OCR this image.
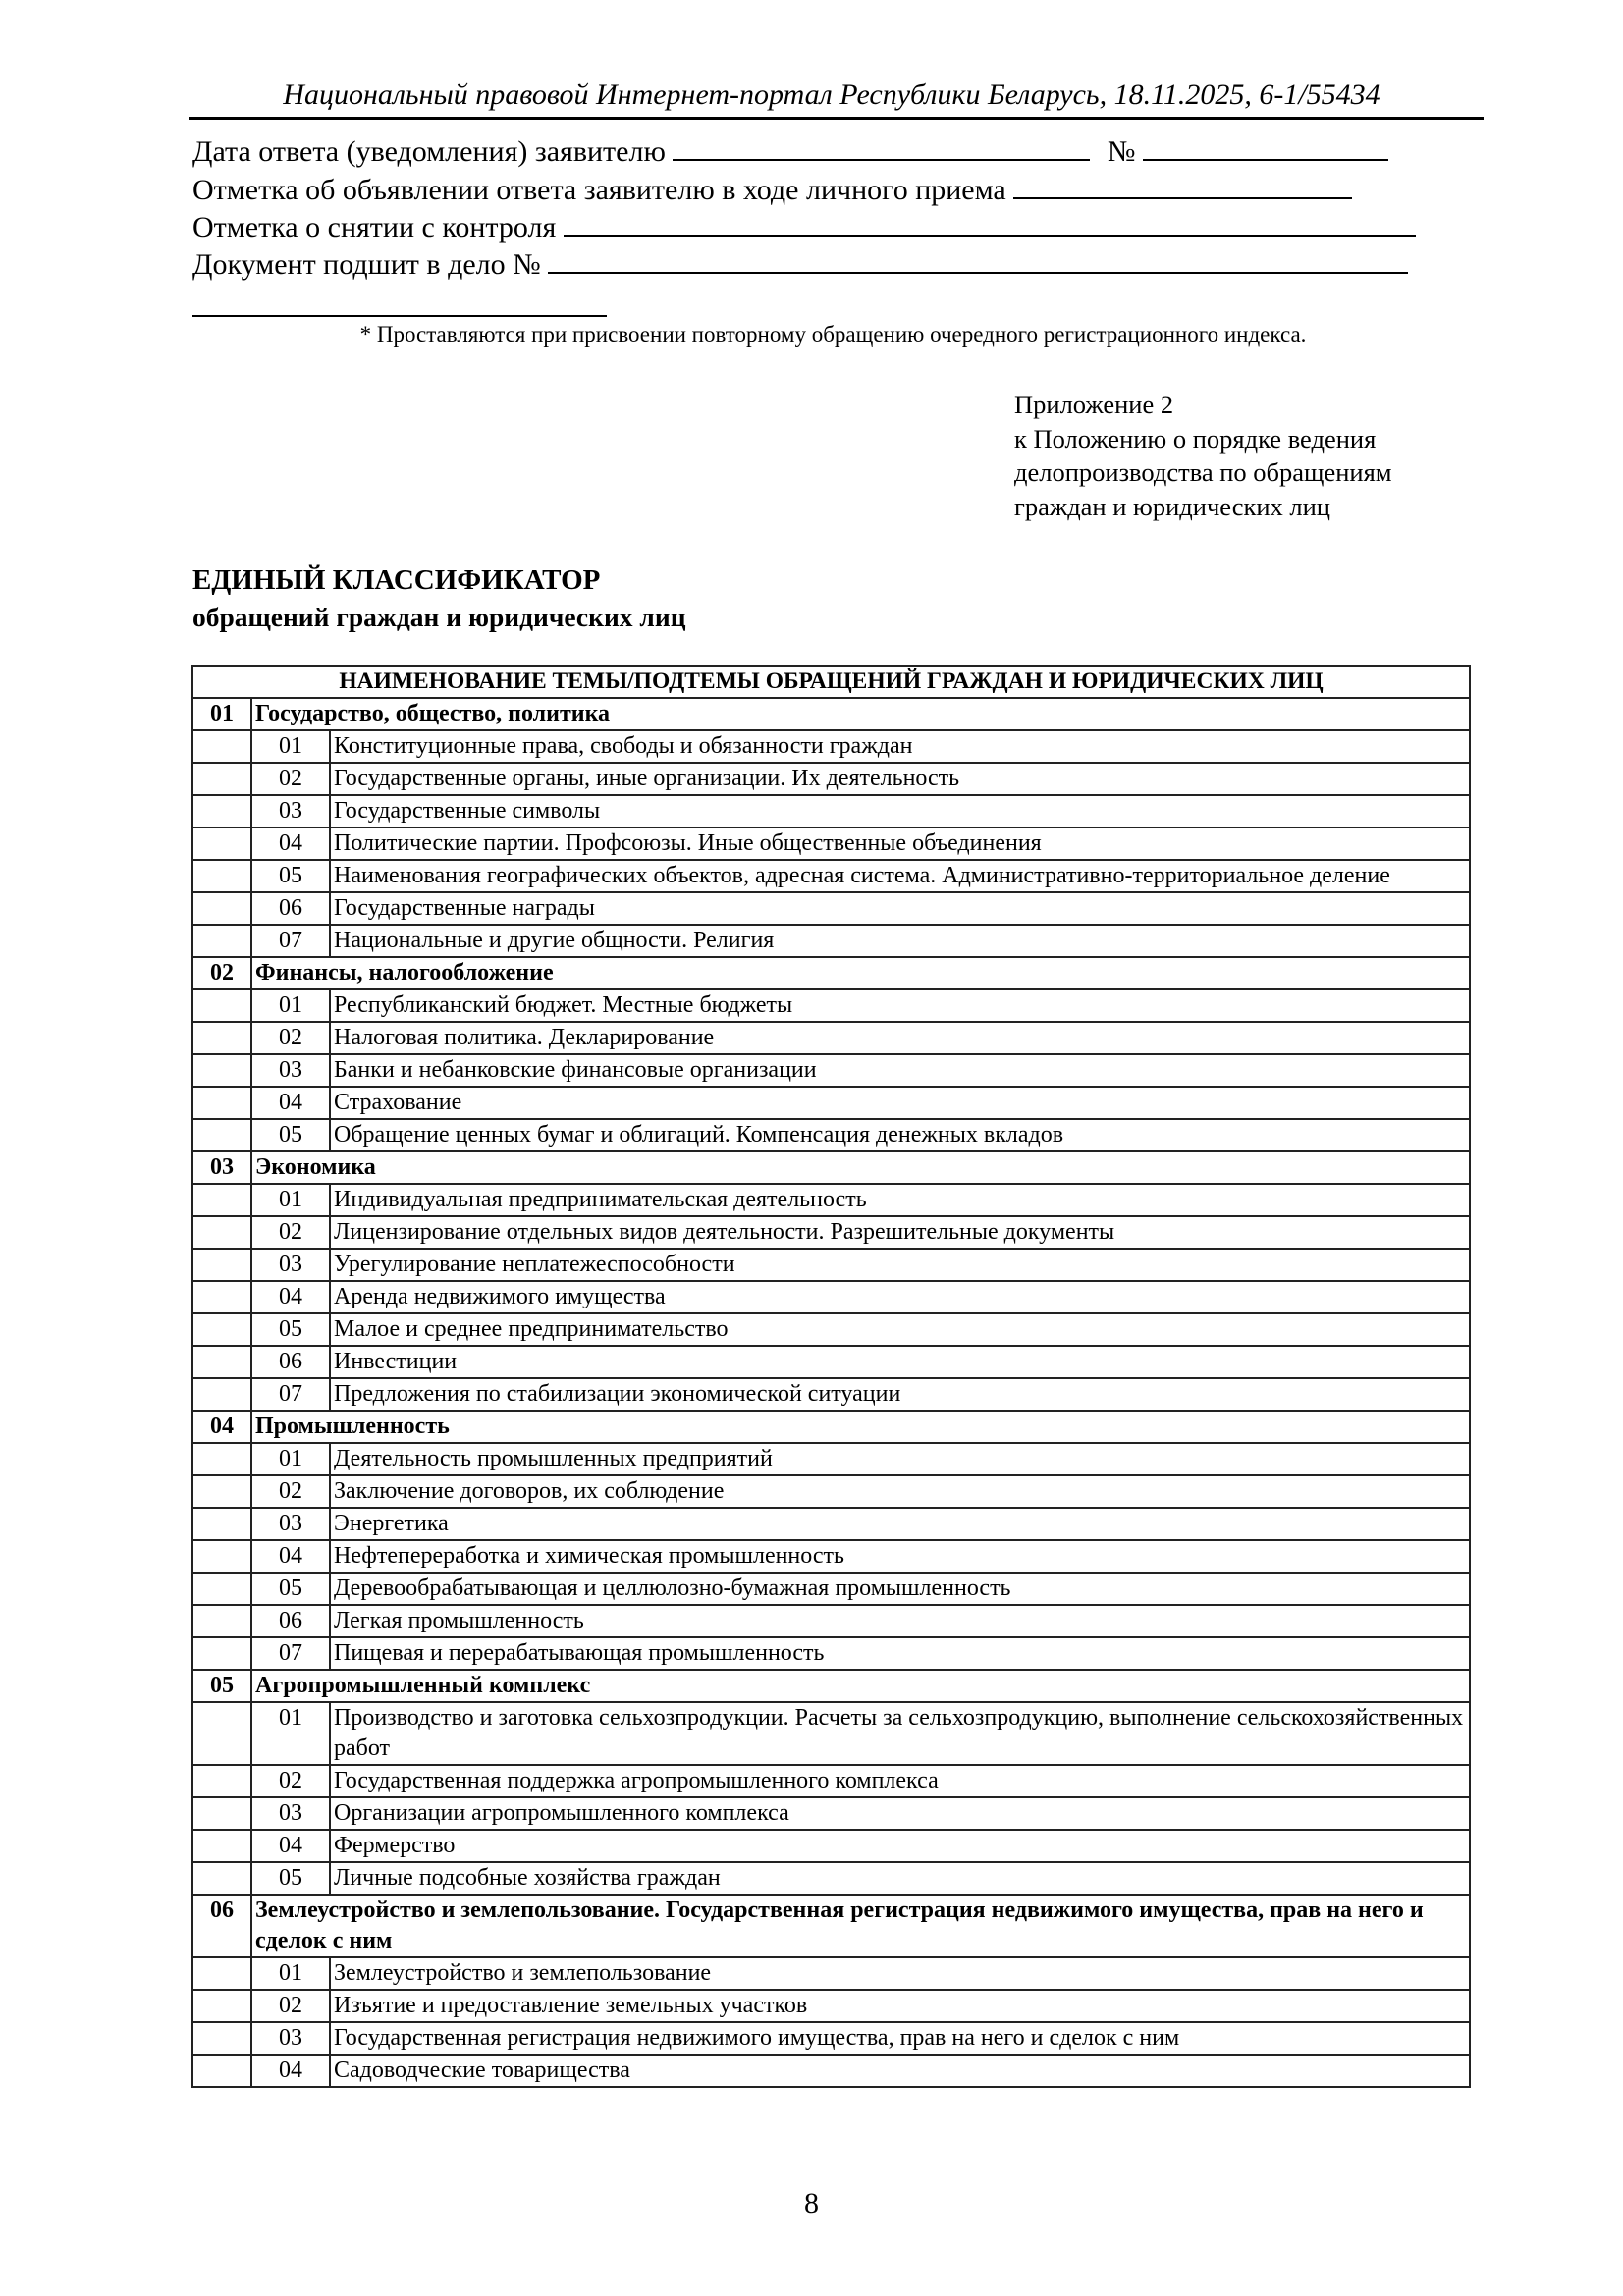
Национальный правовой Интернет-портал Республики Беларусь, 18.11.2025, 6-1/55434
Дата ответа (уведомления) заявителю	№
Отметка об объявлении ответа заявителю в ходе личного приема
Отметка о снятии с контроля
Документ подшит в дело №
* Проставляются при присвоении повторному обращению очередного регистрационного индекса.
Приложение 2
к Положению о порядке ведения
делопроизводства по обращениям
граждан и юридических лиц
ЕДИНЫЙ КЛАССИФИКАТОР
обращений граждан и юридических лиц
НАИМЕНОВАНИЕ ТЕМЫ/ПОДТЕМЫ ОБРАЩЕНИЙ ГРАЖДАН И ЮРИДИЧЕСКИХ ЛИЦ		
01	Государство, общество, политика	
	01	Конституционные права, свободы и обязанности граждан
	02	Государственные органы, иные организации. Их деятельность
	03	Государственные символы
	04	Политические партии. Профсоюзы. Иные общественные объединения
	05	Наименования географических объектов, адресная система. Административно-территориальное деление
	06	Государственные награды
	07	Национальные и другие общности. Религия
02	Финансы, налогообложение	
	01	Республиканский бюджет. Местные бюджеты
	02	Налоговая политика. Декларирование
	03	Банки и небанковские финансовые организации
	04	Страхование
	05	Обращение ценных бумаг и облигаций. Компенсация денежных вкладов
03	Экономика	
	01	Индивидуальная предпринимательская деятельность
	02	Лицензирование отдельных видов деятельности. Разрешительные документы
	03	Урегулирование неплатежеспособности
	04	Аренда недвижимого имущества
	05	Малое и среднее предпринимательство
	06	Инвестиции
	07	Предложения по стабилизации экономической ситуации
04	Промышленность	
	01	Деятельность промышленных предприятий
	02	Заключение договоров, их соблюдение
	03	Энергетика
	04	Нефтепереработка и химическая промышленность
	05	Деревообрабатывающая и целлюлозно-бумажная промышленность
	06	Легкая промышленность
	07	Пищевая и перерабатывающая промышленность
05	Агропромышленный комплекс	
	01	Производство и заготовка сельхозпродукции. Расчеты за сельхозпродукцию, выполнение сельскохозяйственных работ
	02	Государственная поддержка агропромышленного комплекса
	03	Организации агропромышленного комплекса
	04	Фермерство
	05	Личные подсобные хозяйства граждан
06	Землеустройство и землепользование. Государственная регистрация недвижимого имущества, прав на него и сделок с ним	
	01	Землеустройство и землепользование
	02	Изъятие и предоставление земельных участков
	03	Государственная регистрация недвижимого имущества, прав на него и сделок с ним
	04	Садоводческие товарищества
8
